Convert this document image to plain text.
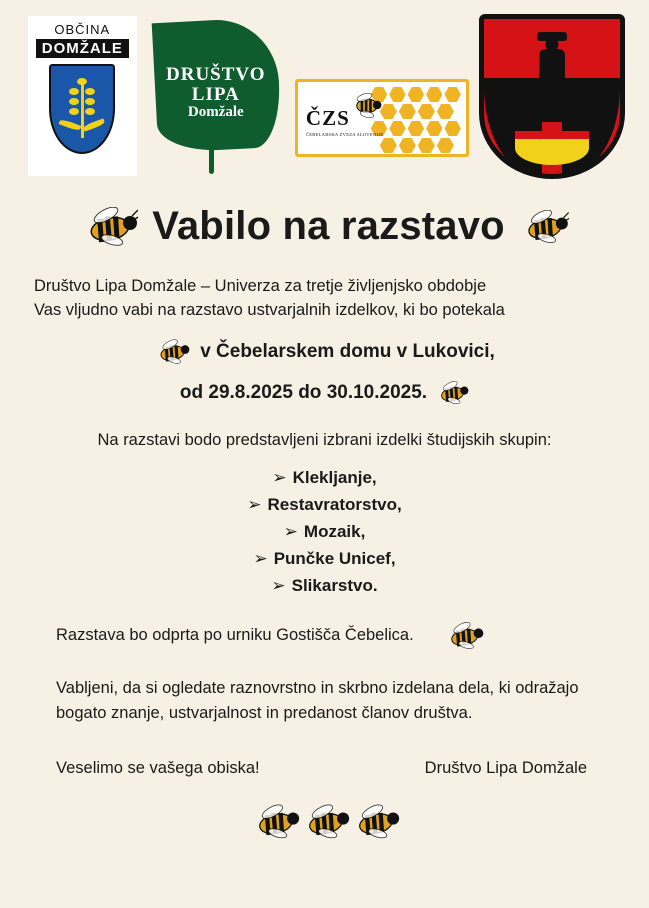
OBČINA
DOMŽALE
DRUŠTVO
LIPA
Domžale	ČZS
ČEBELARSKA ZVEZA SLOVENIJE
Vabilo na razstavo
Društvo Lipa Domžale – Univerza za tretje življenjsko obdobje
Vas vljudno vabi na razstavo ustvarjalnih izdelkov, ki bo potekala
v Čebelarskem domu v Lukovici,
od 29.8.2025 do 30.10.2025.
Na razstavi bodo predstavljeni izbrani izdelki študijskih skupin:
➢ Klekljanje,
➢ Restavratorstvo,
➢ Mozaik,
➢ Punčke Unicef,
➢ Slikarstvo.
Razstava bo odprta po urniku Gostišča Čebelica.
Vabljeni, da si ogledate raznovrstno in skrbno izdelana dela, ki odražajo bogato znanje, ustvarjalnost in predanost članov društva.
Veselimo se vašega obiska!	Društvo Lipa Domžale
